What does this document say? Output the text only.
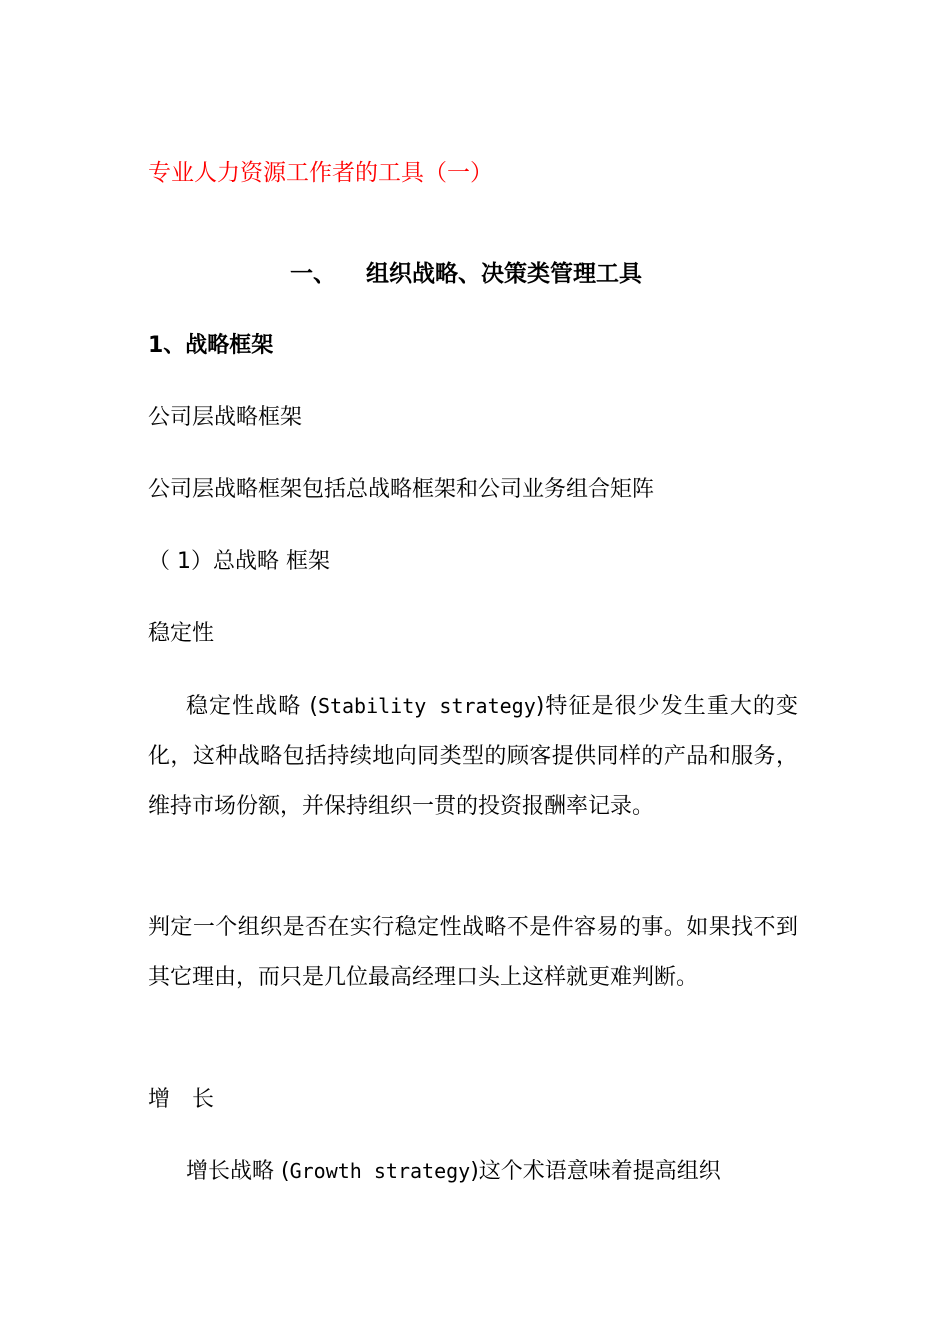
专业人力资源工作者的工具（一）
一、 组织战略、决策类管理工具
1、战略框架
公司层战略框架
公司层战略框架包括总战略框架和公司业务组合矩阵
（ 1）总战略 框架
稳定性
稳定性战略 (Stability strategy)特征是很少发生重大的变化，这种战略包括持续地向同类型的顾客提供同样的产品和服务，维持市场份额，并保持组织一贯的投资报酬率记录。
判定一个组织是否在实行稳定性战略不是件容易的事。如果找不到其它理由，而只是几位最高经理口头上这样就更难判断。
增　长
增长战略 (Growth strategy)这个术语意味着提高组织
